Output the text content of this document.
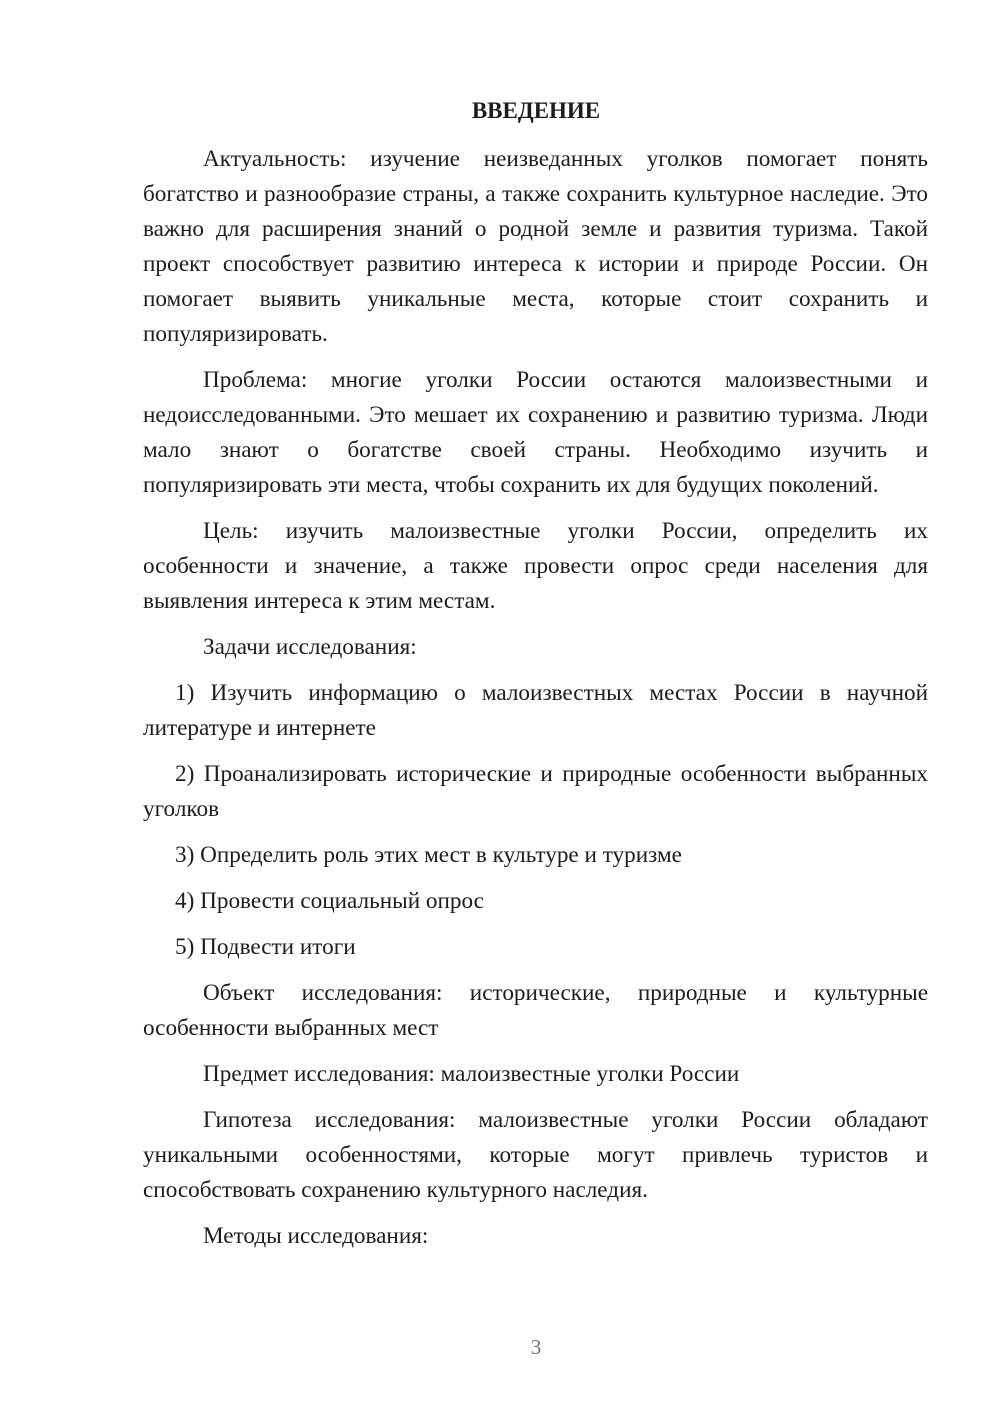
ВВЕДЕНИЕ

Актуальность: изучение неизведанных уголков помогает понять богатство и разнообразие страны, а также сохранить культурное наследие. Это важно для расширения знаний о родной земле и развития туризма. Такой проект способствует развитию интереса к истории и природе России. Он помогает выявить уникальные места, которые стоит сохранить и популяризировать.

Проблема: многие уголки России остаются малоизвестными и недоисследованными. Это мешает их сохранению и развитию туризма. Люди мало знают о богатстве своей страны. Необходимо изучить и популяризировать эти места, чтобы сохранить их для будущих поколений.

Цель: изучить малоизвестные уголки России, определить их особенности и значение, а также провести опрос среди населения для выявления интереса к этим местам.

Задачи исследования:

1) Изучить информацию о малоизвестных местах России в научной литературе и интернете

2) Проанализировать исторические и природные особенности выбранных уголков

3) Определить роль этих мест в культуре и туризме

4) Провести социальный опрос

5) Подвести итоги

Объект исследования: исторические, природные и культурные особенности выбранных мест

Предмет исследования: малоизвестные уголки России

Гипотеза исследования: малоизвестные уголки России обладают уникальными особенностями, которые могут привлечь туристов и способствовать сохранению культурного наследия.

Методы исследования:

3
